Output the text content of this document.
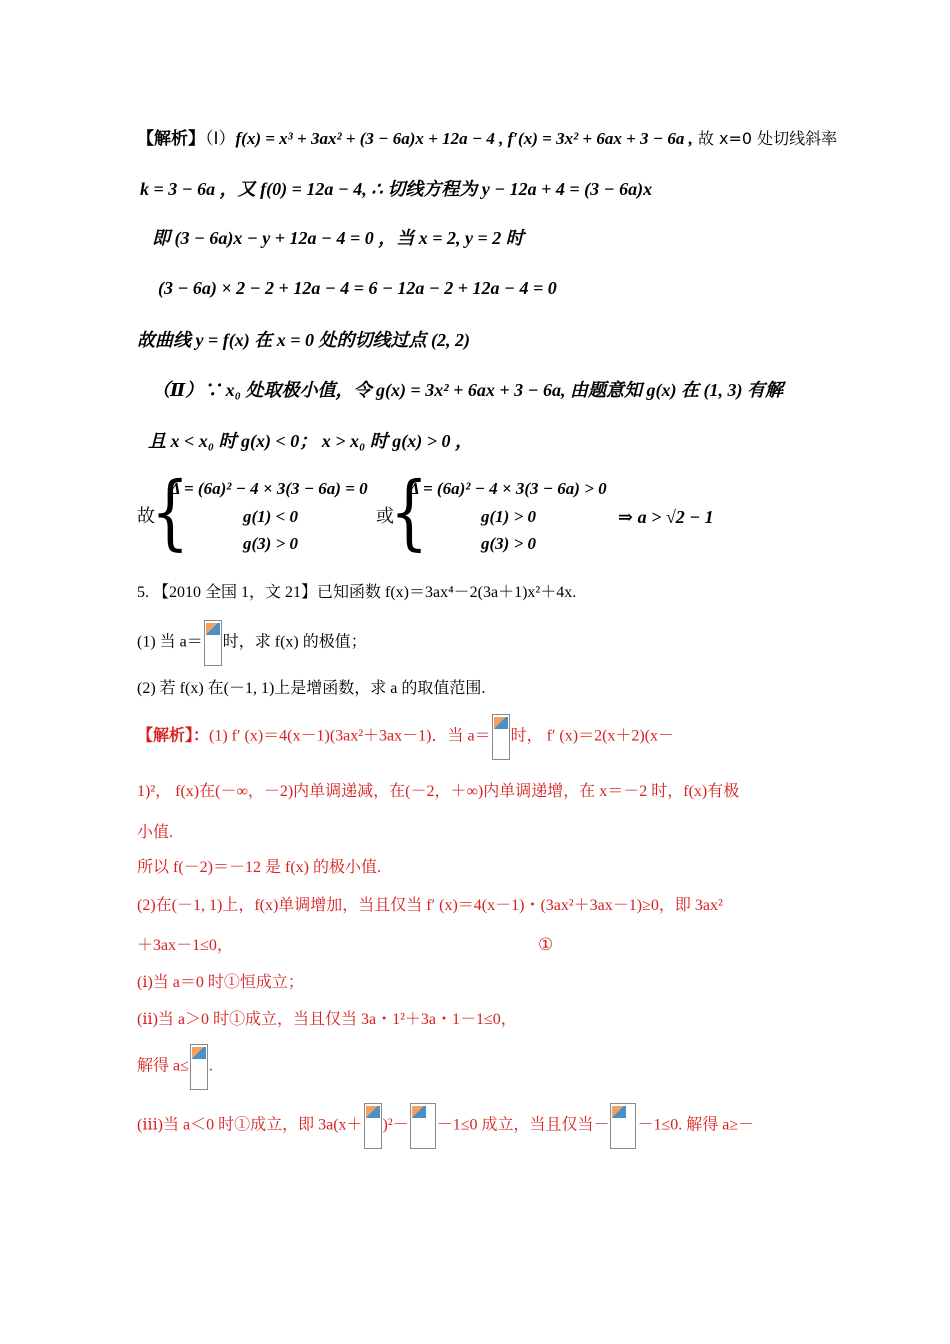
【解析】（Ⅰ）f(x) = x³ + 3ax² + (3 − 6a)x + 12a − 4 , f′(x) = 3x² + 6ax + 3 − 6a , 故 x=0 处切线斜率
k = 3 − 6a ，又 f(0) = 12a − 4, ∴ 切线方程为 y − 12a + 4 = (3 − 6a)x
即 (3 − 6a)x − y + 12a − 4 = 0 ，当 x = 2, y = 2 时
(3 − 6a) × 2 − 2 + 12a − 4 = 6 − 12a − 2 + 12a − 4 = 0
故曲线 y = f(x) 在 x = 0 处的切线过点 (2, 2)
（Ⅱ）∵ x₀ 处取极小值，令 g(x) = 3x² + 6ax + 3 − 6a, 由题意知 g(x) 在 (1, 3) 有解
且 x < x₀ 时 g(x) < 0； x > x₀ 时 g(x) > 0 ，
故
{
Δ = (6a)² − 4 × 3(3 − 6a) = 0
g(1) < 0
g(3) > 0
或
{
Δ = (6a)² − 4 × 3(3 − 6a) > 0
g(1) > 0
g(3) > 0
⇒ a > √2 − 1
5. 【2010 全国 1，文 21】已知函数 f(x)＝3ax⁴－2(3a＋1)x²＋4x.
(1) 当 a＝ 时，求 f(x) 的极值；
(2) 若 f(x) 在(－1, 1)上是增函数，求 a 的取值范围.
【解析】：(1) f′ (x)＝4(x－1)(3ax²＋3ax－1)．当 a＝ 时， f′ (x)＝2(x＋2)(x－
1)²， f(x)在(－∞，－2)内单调递减，在(－2，＋∞)内单调递增，在 x＝－2 时，f(x)有极
小值.
所以 f(－2)＝－12 是 f(x) 的极小值.
(2)在(－1, 1)上，f(x)单调增加，当且仅当 f′ (x)＝4(x－1)・(3ax²＋3ax－1)≥0，即 3ax²
＋3ax－1≤0，	①
(ⅰ)当 a＝0 时①恒成立；
(ⅱ)当 a＞0 时①成立，当且仅当 3a・1²＋3a・1－1≤0，
解得 a≤ .
(ⅲ)当 a＜0 时①成立，即 3a(x＋ )²－ －1≤0 成立，当且仅当－ －1≤0. 解得 a≥－
